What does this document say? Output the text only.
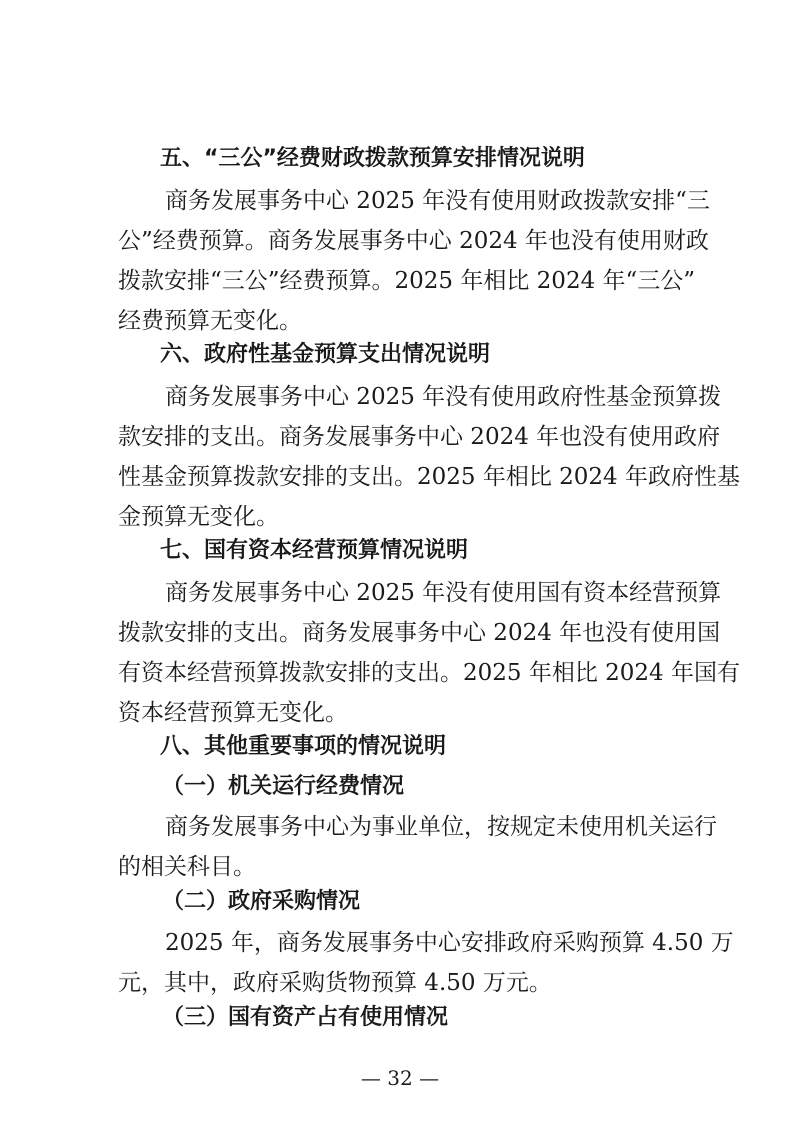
五、“三公”经费财政拨款预算安排情况说明
商务发展事务中心 2025 年没有使用财政拨款安排“三
公”经费预算。商务发展事务中心 2024 年也没有使用财政
拨款安排“三公”经费预算。2025 年相比 2024 年“三公”
经费预算无变化。
六、政府性基金预算支出情况说明
商务发展事务中心 2025 年没有使用政府性基金预算拨
款安排的支出。商务发展事务中心 2024 年也没有使用政府
性基金预算拨款安排的支出。2025 年相比 2024 年政府性基
金预算无变化。
七、国有资本经营预算情况说明
商务发展事务中心 2025 年没有使用国有资本经营预算
拨款安排的支出。商务发展事务中心 2024 年也没有使用国
有资本经营预算拨款安排的支出。2025 年相比 2024 年国有
资本经营预算无变化。
八、其他重要事项的情况说明
（一）机关运行经费情况
商务发展事务中心为事业单位，按规定未使用机关运行
的相关科目。
（二）政府采购情况
2025 年，商务发展事务中心安排政府采购预算 4.50 万
元，其中，政府采购货物预算 4.50 万元。
（三）国有资产占有使用情况
— 32 —
